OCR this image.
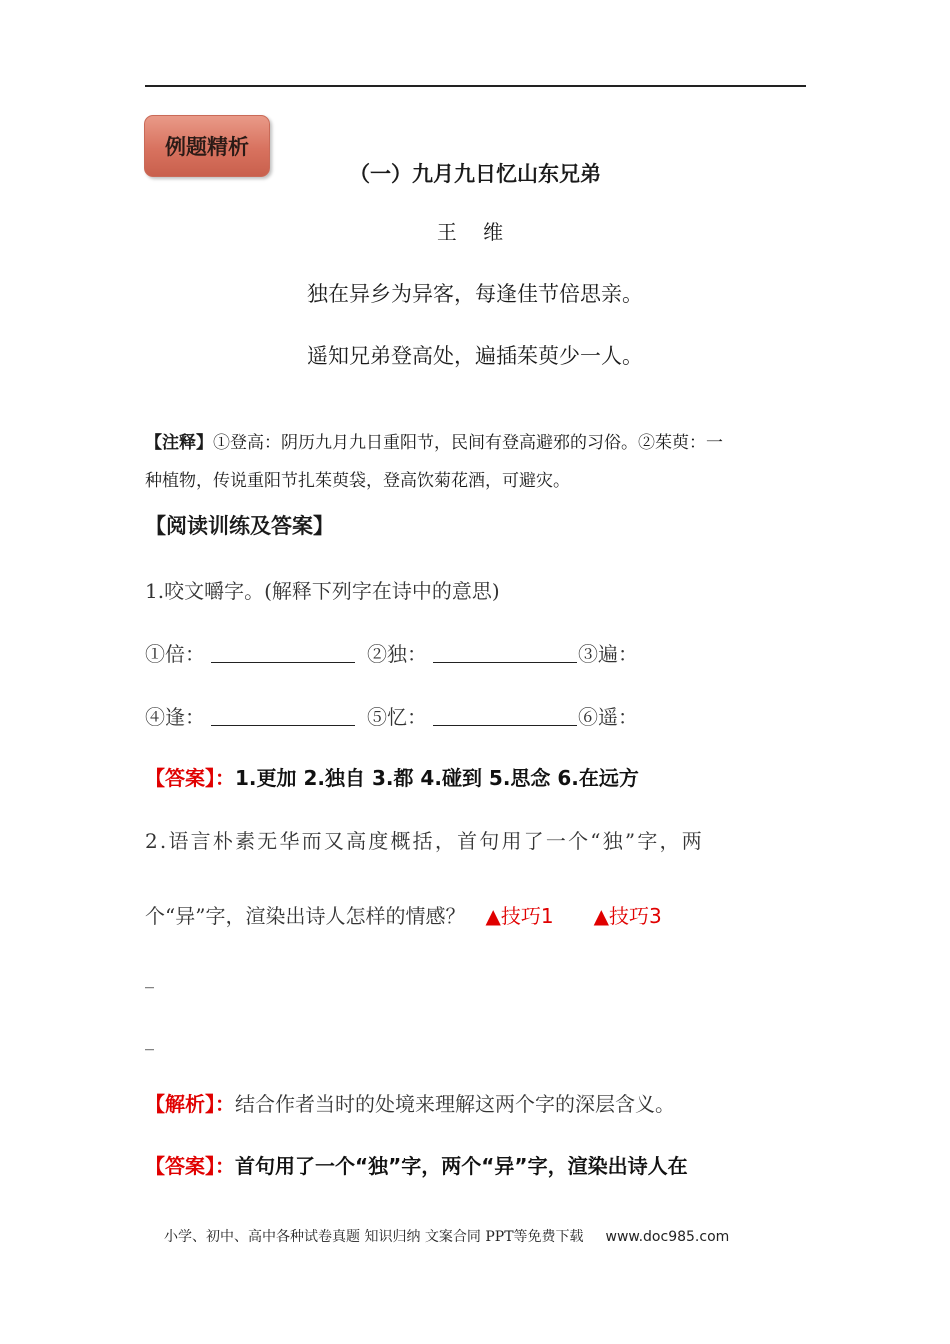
例题精析
（一）九月九日忆山东兄弟
王 维
独在异乡为异客，每逢佳节倍思亲。
遥知兄弟登高处，遍插茱萸少一人。
【注释】①登高：阴历九月九日重阳节，民间有登高避邪的习俗。②茱萸：一
种植物，传说重阳节扎茱萸袋，登高饮菊花酒，可避灾。
【阅读训练及答案】
1.咬文嚼字。(解释下列字在诗中的意思)
①倍：	②独：	③遍：
④逢：	⑤忆：	⑥遥：
【答案】：1.更加 2.独自 3.都 4.碰到 5.思念 6.在远方
2.语言朴素无华而又高度概括，首句用了一个“独”字，两
个“异”字，渲染出诗人怎样的情感？ ▲技巧1 ▲技巧3
_
_
【解析】：结合作者当时的处境来理解这两个字的深层含义。
【答案】：首句用了一个“独”字，两个“异”字，渲染出诗人在
小学、初中、高中各种试卷真题 知识归纳 文案合同 PPT等免费下载 www.doc985.com
